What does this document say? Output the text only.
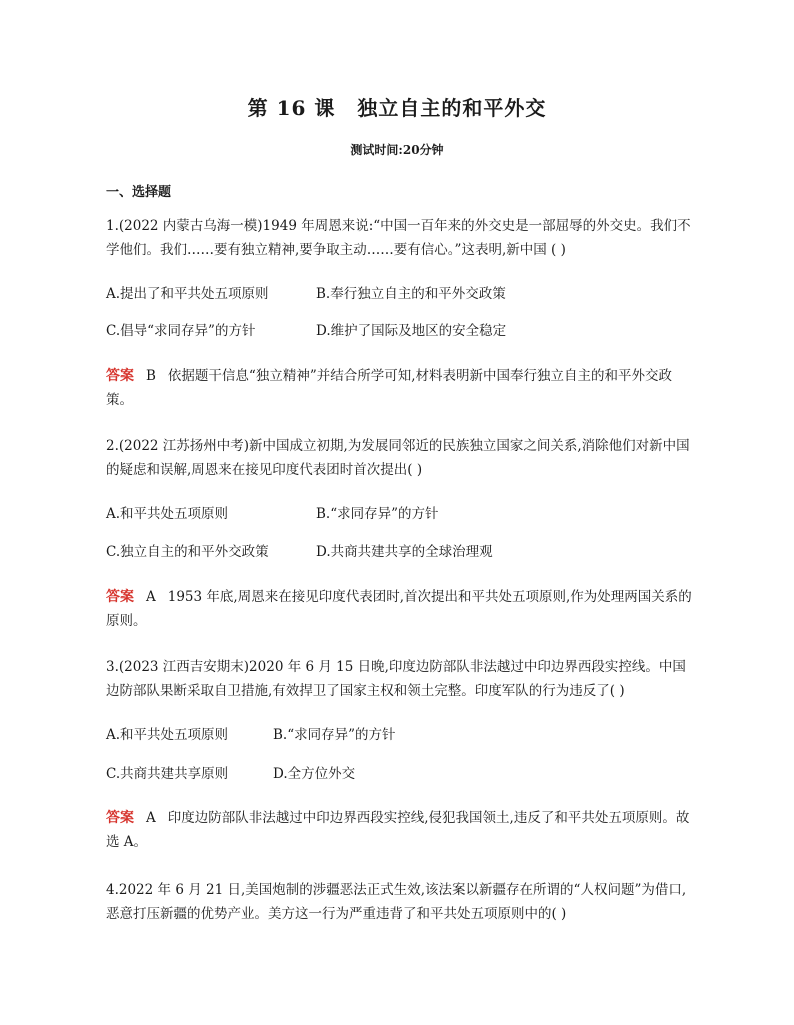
第 16 课 独立自主的和平外交
测试时间:20分钟
一、选择题
1.(2022 内蒙古乌海一模)1949 年周恩来说:“中国一百年来的外交史是一部屈辱的外交史。我们不学他们。我们……要有独立精神,要争取主动……要有信心。”这表明,新中国 ( )
A.提出了和平共处五项原则	B.奉行独立自主的和平外交政策
C.倡导“求同存异”的方针	D.维护了国际及地区的安全稳定
答案 B 依据题干信息“独立精神”并结合所学可知,材料表明新中国奉行独立自主的和平外交政策。
2.(2022 江苏扬州中考)新中国成立初期,为发展同邻近的民族独立国家之间关系,消除他们对新中国的疑虑和误解,周恩来在接见印度代表团时首次提出( )
A.和平共处五项原则	B.“求同存异”的方针
C.独立自主的和平外交政策	D.共商共建共享的全球治理观
答案 A 1953 年底,周恩来在接见印度代表团时,首次提出和平共处五项原则,作为处理两国关系的原则。
3.(2023 江西吉安期末)2020 年 6 月 15 日晚,印度边防部队非法越过中印边界西段实控线。中国边防部队果断采取自卫措施,有效捍卫了国家主权和领土完整。印度军队的行为违反了( )
A.和平共处五项原则	B.“求同存异”的方针
C.共商共建共享原则	D.全方位外交
答案 A 印度边防部队非法越过中印边界西段实控线,侵犯我国领土,违反了和平共处五项原则。故选 A。
4.2022 年 6 月 21 日,美国炮制的涉疆恶法正式生效,该法案以新疆存在所谓的“人权问题”为借口,恶意打压新疆的优势产业。美方这一行为严重违背了和平共处五项原则中的( )
